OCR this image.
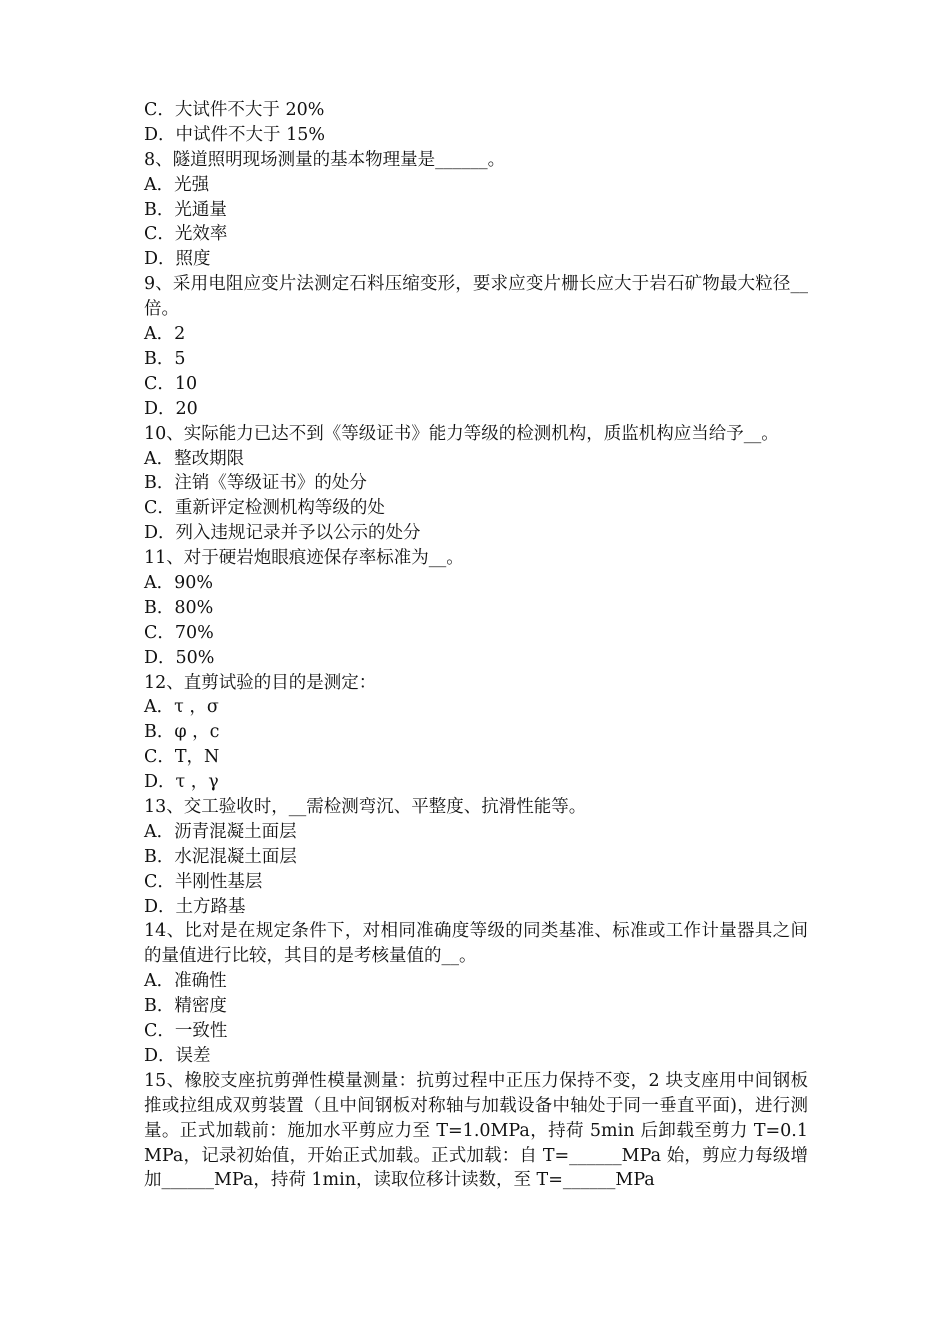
C．大试件不大于 20%
D．中试件不大于 15%
8、隧道照明现场测量的基本物理量是______。
A．光强
B．光通量
C．光效率
D．照度
9、采用电阻应变片法测定石料压缩变形，要求应变片栅长应大于岩石矿物最大粒径__倍。
A．2
B．5
C．10
D．20
10、实际能力已达不到《等级证书》能力等级的检测机构，质监机构应当给予__。
A．整改期限
B．注销《等级证书》的处分
C．重新评定检测机构等级的处
D．列入违规记录并予以公示的处分
11、对于硬岩炮眼痕迹保存率标准为__。
A．90%
B．80%
C．70%
D．50%
12、直剪试验的目的是测定：
A．τ ，σ
B．φ ，c
C．T，N
D．τ ，γ
13、交工验收时，__需检测弯沉、平整度、抗滑性能等。
A．沥青混凝土面层
B．水泥混凝土面层
C．半刚性基层
D．土方路基
14、比对是在规定条件下，对相同准确度等级的同类基准、标准或工作计量器具之间的量值进行比较，其目的是考核量值的__。
A．准确性
B．精密度
C．一致性
D．误差
15、橡胶支座抗剪弹性模量测量：抗剪过程中正压力保持不变，2 块支座用中间钢板推或拉组成双剪装置（且中间钢板对称轴与加载设备中轴处于同一垂直平面)，进行测量。正式加载前：施加水平剪应力至 T=1.0MPa，持荷 5min 后卸载至剪力 T=0.1MPa，记录初始值，开始正式加载。正式加载：自 T=______MPa 始，剪应力每级增加______MPa，持荷 1min，读取位移计读数，至 T=______MPa
